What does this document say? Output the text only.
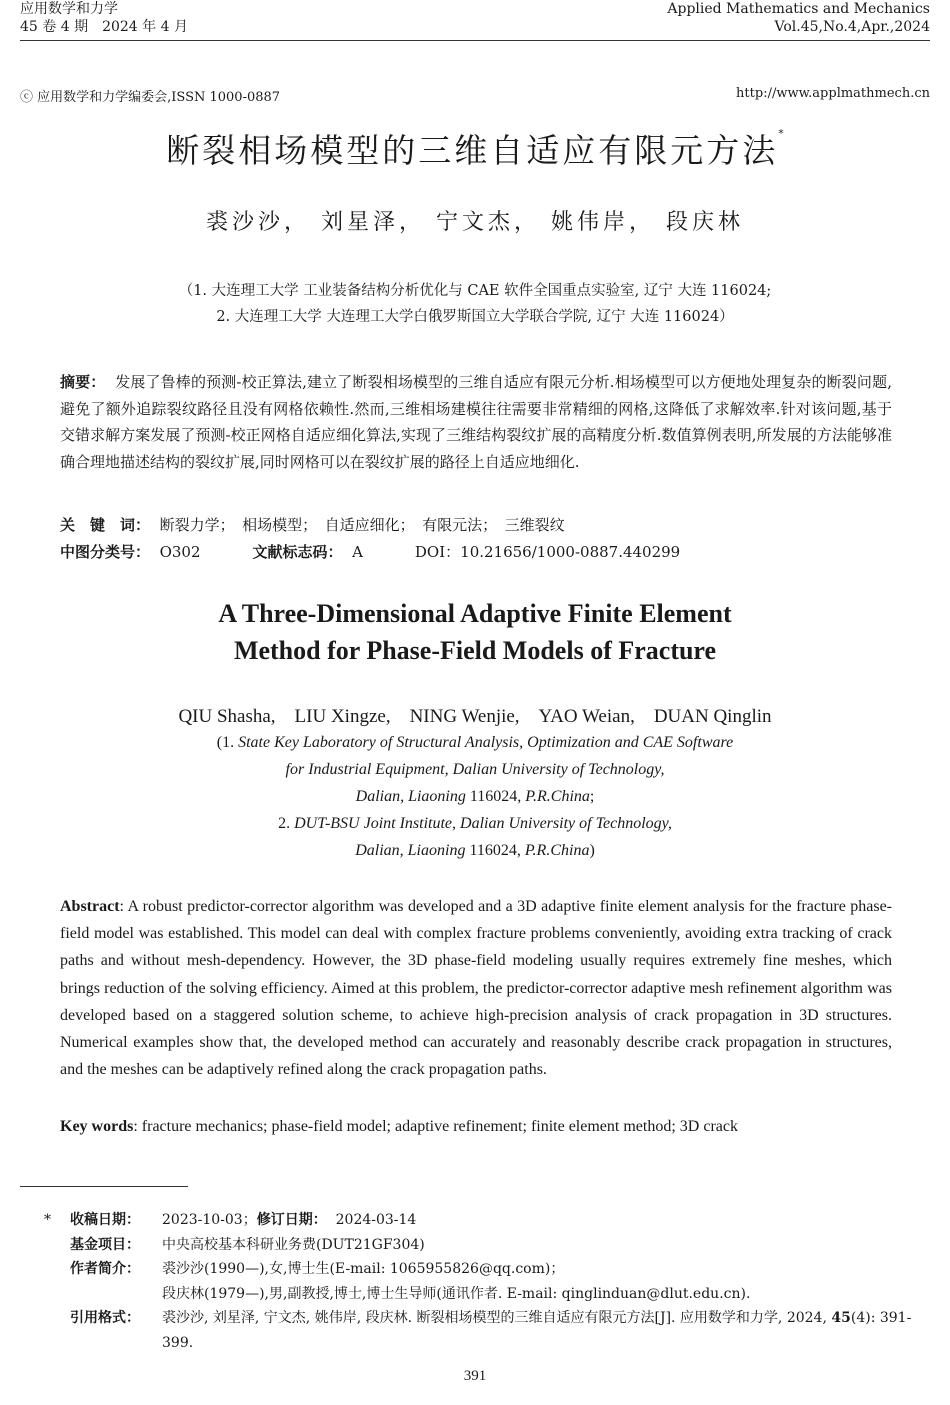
应用数学和力学
45 卷 4 期　2024 年 4 月
Applied Mathematics and Mechanics
Vol.45,No.4,Apr.,2024
ⓒ 应用数学和力学编委会,ISSN 1000-0887	http://www.applmathmech.cn
断裂相场模型的三维自适应有限元方法*
裘沙沙， 刘星泽， 宁文杰， 姚伟岸， 段庆林
（1. 大连理工大学 工业装备结构分析优化与 CAE 软件全国重点实验室, 辽宁 大连 116024;
2. 大连理工大学 大连理工大学白俄罗斯国立大学联合学院, 辽宁 大连 116024）
摘要： 发展了鲁棒的预测-校正算法,建立了断裂相场模型的三维自适应有限元分析.相场模型可以方便地处理复杂的断裂问题,避免了额外追踪裂纹路径且没有网格依赖性.然而,三维相场建模往往需要非常精细的网格,这降低了求解效率.针对该问题,基于交错求解方案发展了预测-校正网格自适应细化算法,实现了三维结构裂纹扩展的高精度分析.数值算例表明,所发展的方法能够准确合理地描述结构的裂纹扩展,同时网格可以在裂纹扩展的路径上自适应地细化.
关　键　词： 断裂力学；　相场模型；　自适应细化；　有限元法；　三维裂纹
中图分类号： O302	文献标志码： A	DOI：10.21656/1000-0887.440299
A Three-Dimensional Adaptive Finite Element
Method for Phase-Field Models of Fracture
QIU Shasha,　LIU Xingze,　NING Wenjie,　YAO Weian,　DUAN Qinglin
(1. State Key Laboratory of Structural Analysis, Optimization and CAE Software
for Industrial Equipment, Dalian University of Technology,
Dalian, Liaoning 116024, P.R.China;
2. DUT-BSU Joint Institute, Dalian University of Technology,
Dalian, Liaoning 116024, P.R.China)
Abstract: A robust predictor-corrector algorithm was developed and a 3D adaptive finite element analysis for the fracture phase-field model was established. This model can deal with complex fracture problems conveniently, avoiding extra tracking of crack paths and without mesh-dependency. However, the 3D phase-field modeling usually requires extremely fine meshes, which brings reduction of the solving efficiency. Aimed at this problem, the predictor-corrector adaptive mesh refinement algorithm was developed based on a staggered solution scheme, to achieve high-precision analysis of crack propagation in 3D structures. Numerical examples show that, the developed method can accurately and reasonably describe crack propagation in structures, and the meshes can be adaptively refined along the crack propagation paths.
Key words: fracture mechanics; phase-field model; adaptive refinement; finite element method; 3D crack
* 收稿日期： 2023-10-03；修订日期： 2024-03-14
基金项目： 中央高校基本科研业务费(DUT21GF304)
作者简介： 裘沙沙(1990—),女,博士生(E-mail: 1065955826@qq.com)；
段庆林(1979—),男,副教授,博士,博士生导师(通讯作者. E-mail: qinglinduan@dlut.edu.cn).
引用格式： 裘沙沙, 刘星泽, 宁文杰, 姚伟岸, 段庆林. 断裂相场模型的三维自适应有限元方法[J]. 应用数学和力学, 2024, 45(4): 391-399.
391
